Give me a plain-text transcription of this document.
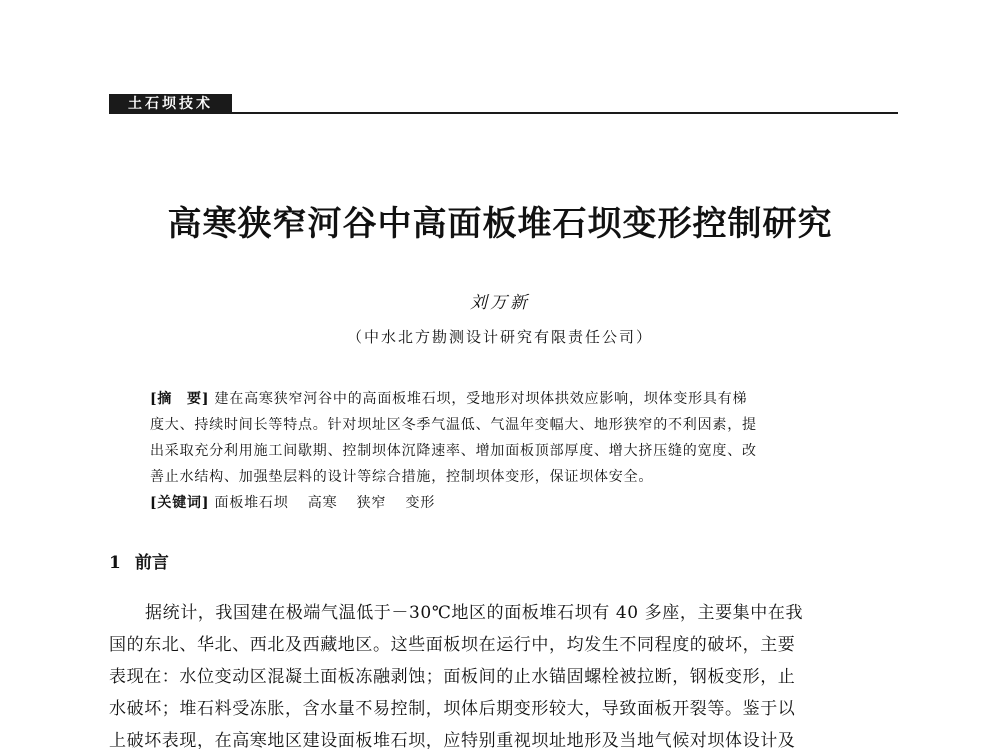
土石坝技术
高寒狭窄河谷中高面板堆石坝变形控制研究
刘万新
（中水北方勘测设计研究有限责任公司）
[摘　要] 建在高寒狭窄河谷中的高面板堆石坝，受地形对坝体拱效应影响，坝体变形具有梯
度大、持续时间长等特点。针对坝址区冬季气温低、气温年变幅大、地形狭窄的不利因素，提
出采取充分利用施工间歇期、控制坝体沉降速率、增加面板顶部厚度、增大挤压缝的宽度、改
善止水结构、加强垫层料的设计等综合措施，控制坝体变形，保证坝体安全。
[关键词] 面板堆石坝 高寒 狭窄 变形
1 前言
据统计，我国建在极端气温低于－30℃地区的面板堆石坝有 40 多座，主要集中在我
国的东北、华北、西北及西藏地区。这些面板坝在运行中，均发生不同程度的破坏，主要
表现在：水位变动区混凝土面板冻融剥蚀；面板间的止水锚固螺栓被拉断，钢板变形，止
水破坏；堆石料受冻胀，含水量不易控制，坝体后期变形较大，导致面板开裂等。鉴于以
上破坏表现，在高寒地区建设面板堆石坝，应特别重视坝址地形及当地气候对坝体设计及
